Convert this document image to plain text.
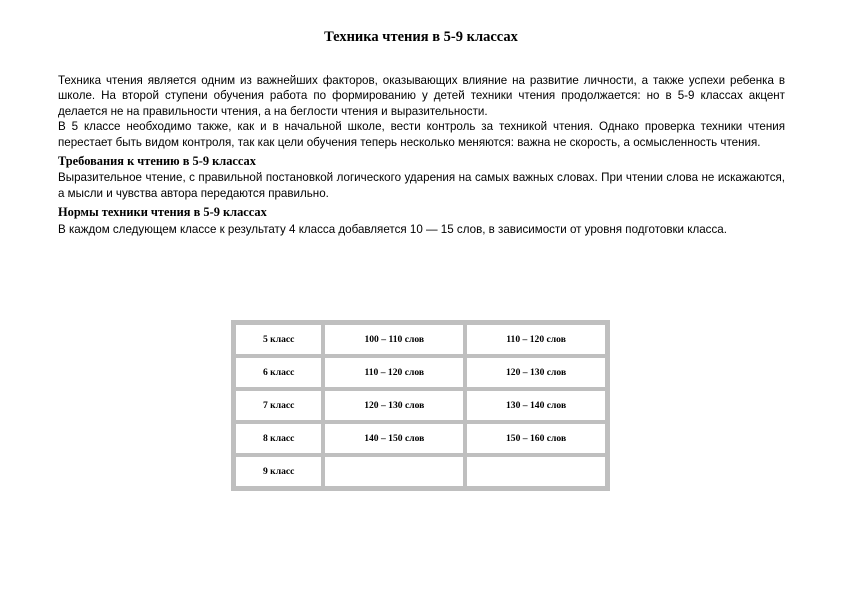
Техника чтения в 5-9 классах

Техника чтения является одним из важнейших факторов, оказывающих влияние на развитие личности, а также успехи ребенка в школе. На второй ступени обучения работа по формированию у детей техники чтения продолжается: но в 5-9 классах акцент делается не на правильности чтения, а на беглости чтения и выразительности.

В 5 классе необходимо также, как и в начальной школе, вести контроль за техникой чтения. Однако проверка техники чтения перестает быть видом контроля, так как цели обучения теперь несколько меняются: важна не скорость, а осмысленность чтения.

Требования к чтению в 5-9 классах

Выразительное чтение, с правильной постановкой логического ударения на самых важных словах. При чтении слова не искажаются, а мысли и чувства автора передаются правильно.

Нормы техники чтения в 5-9 классах

В каждом следующем классе к результату 4 класса добавляется 10 — 15 слов, в зависимости от уровня подготовки класса.

5 класс	100 – 110 слов	110 – 120 слов
6 класс	110 – 120 слов	120 – 130 слов
7 класс	120 – 130 слов	130 – 140 слов
8 класс	140 – 150 слов	150 – 160 слов
9 класс		
